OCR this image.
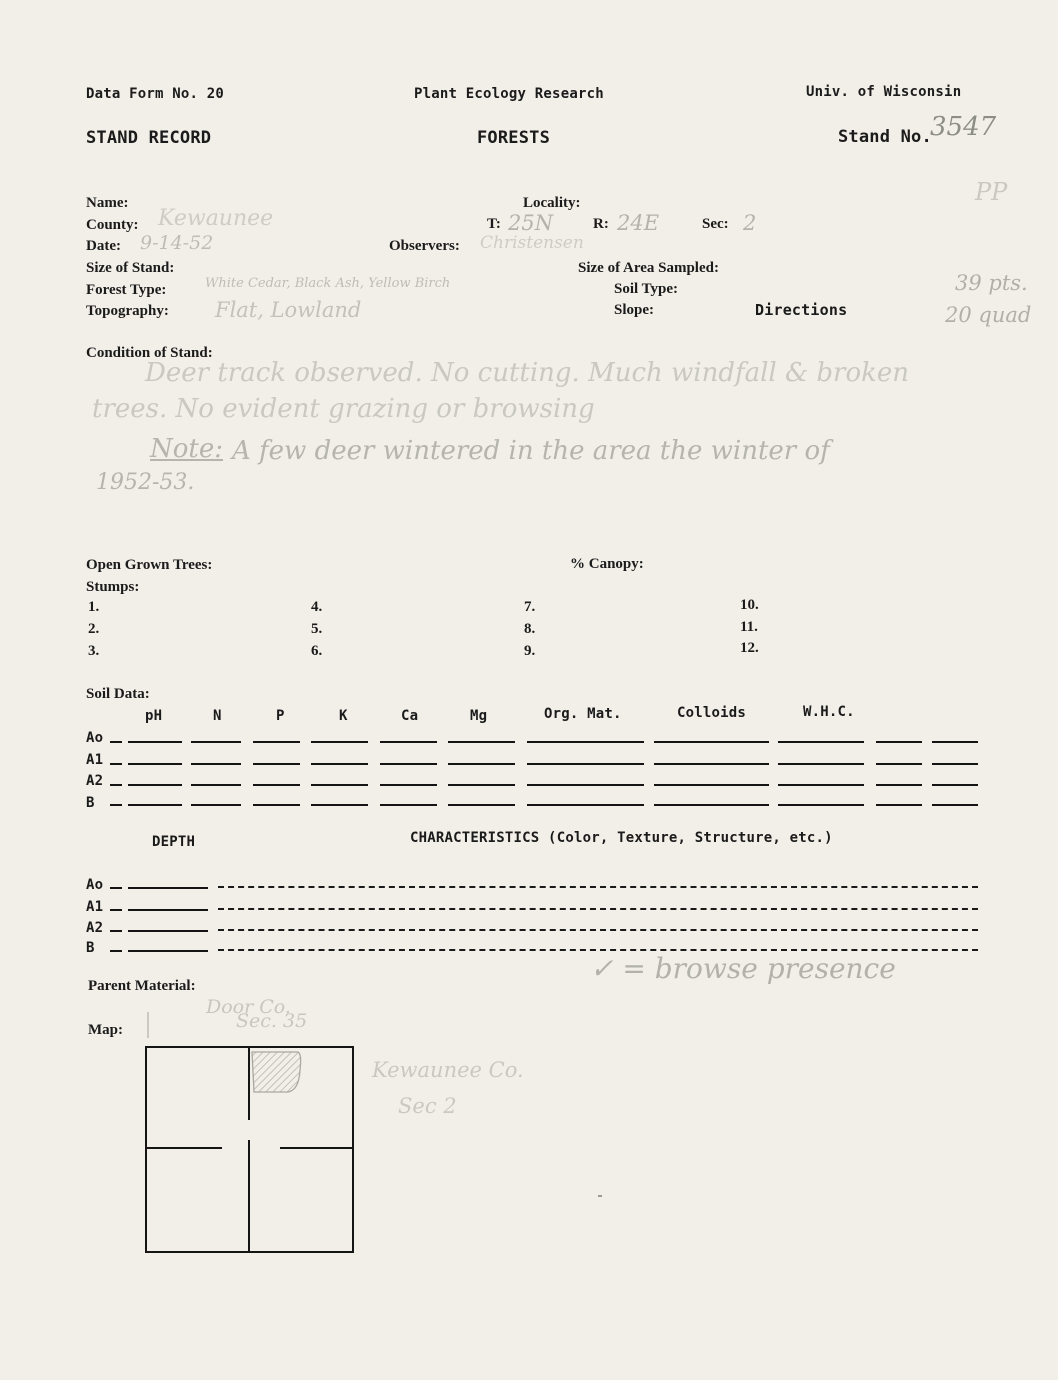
Data Form No. 20	Plant Ecology Research	Univ. of Wisconsin
STAND RECORD	FORESTS	Stand No.
3547
PP
Name:
County: Kewaunee
Date: 9-14-52
Size of Stand:
Forest Type:	White Cedar, Black Ash, Yellow Birch
Topography: Flat, Lowland
Locality:
T: 25N	R: 24E	Sec: 2
Observers: Christensen
Size of Area Sampled:
Soil Type:
Slope:	Directions
39 pts.
20 quad
Condition of Stand:
Deer track observed. No cutting. Much windfall & broken
trees. No evident grazing or browsing
Note: A few deer wintered in the area the winter of
1952-53.
Open Grown Trees:	% Canopy:
Stumps:
1.
2.
3.
4.
5.
6.
7.
8.
9.
10.
11.
12.
Soil Data:
pH	N	P	K	Ca	Mg	Org. Mat.	Colloids	W.H.C.
Ao
A1
A2
B
DEPTH	CHARACTERISTICS (Color, Texture, Structure, etc.)
Ao
A1
A2
B
✓ = browse presence
Parent Material:
Door Co.
Sec. 35
Map:
Kewaunee Co.
Sec 2
